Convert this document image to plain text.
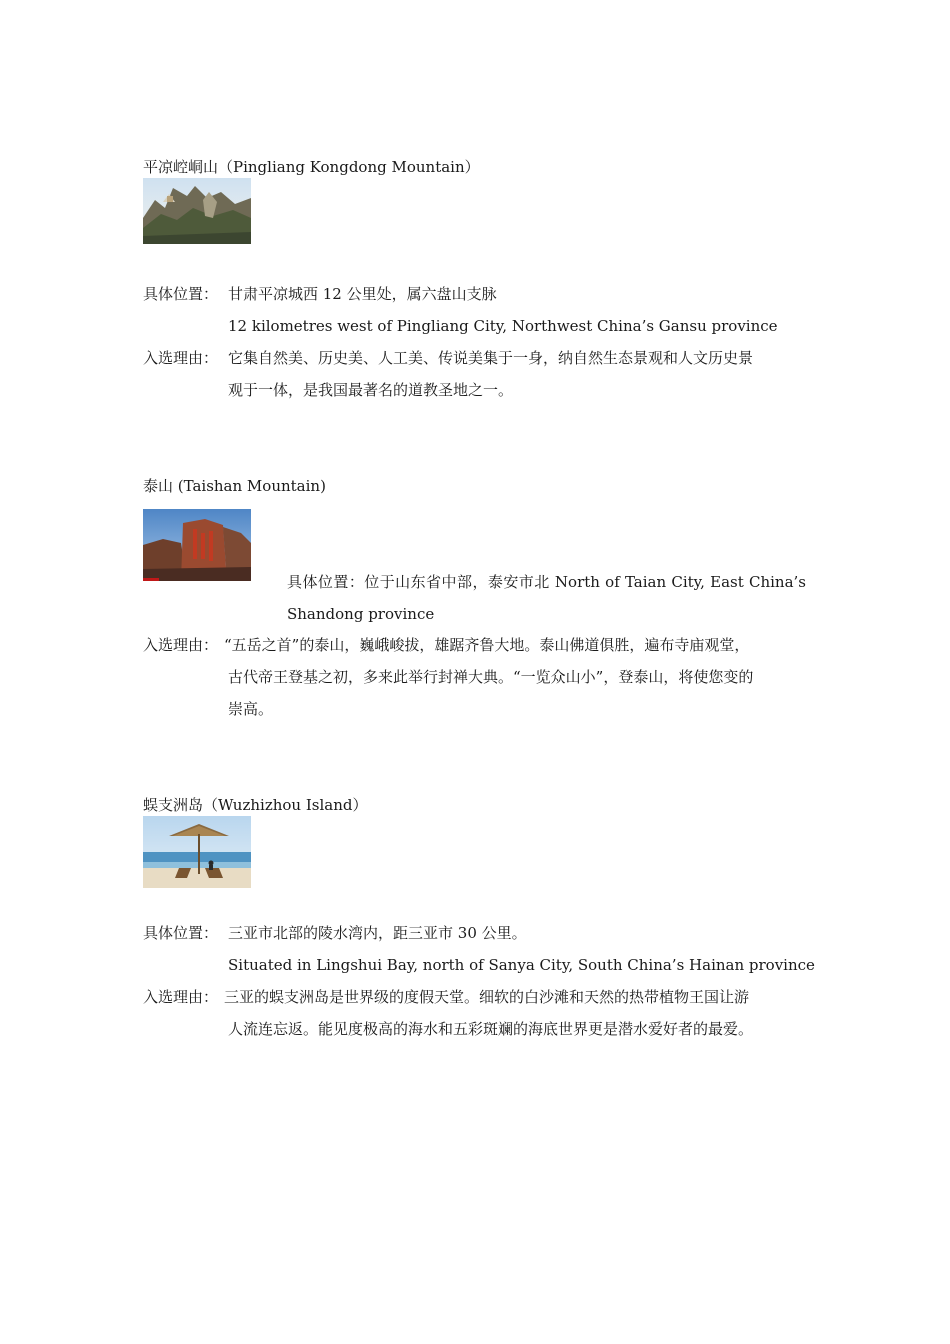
平凉崆峒山（Pingliang Kongdong Mountain）
具体位置： 甘肃平凉城西 12 公里处，属六盘山支脉
12 kilometres west of Pingliang City, Northwest China’s Gansu province
入选理由： 它集自然美、历史美、人工美、传说美集于一身，纳自然生态景观和人文历史景
观于一体，是我国最著名的道教圣地之一。
泰山 (Taishan Mountain)
具体位置：位于山东省中部，泰安市北 North of Taian City, East China’s Shandong province
入选理由： “五岳之首”的泰山，巍峨峻拔，雄踞齐鲁大地。泰山佛道俱胜，遍布寺庙观堂，
古代帝王登基之初，多来此举行封禅大典。“一览众山小”，登泰山，将使您变的
崇高。
蜈支洲岛（Wuzhizhou Island）
具体位置： 三亚市北部的陵水湾内，距三亚市 30 公里。
Situated in Lingshui Bay, north of Sanya City, South China’s Hainan province
入选理由： 三亚的蜈支洲岛是世界级的度假天堂。细软的白沙滩和天然的热带植物王国让游
人流连忘返。能见度极高的海水和五彩斑斓的海底世界更是潜水爱好者的最爱。
